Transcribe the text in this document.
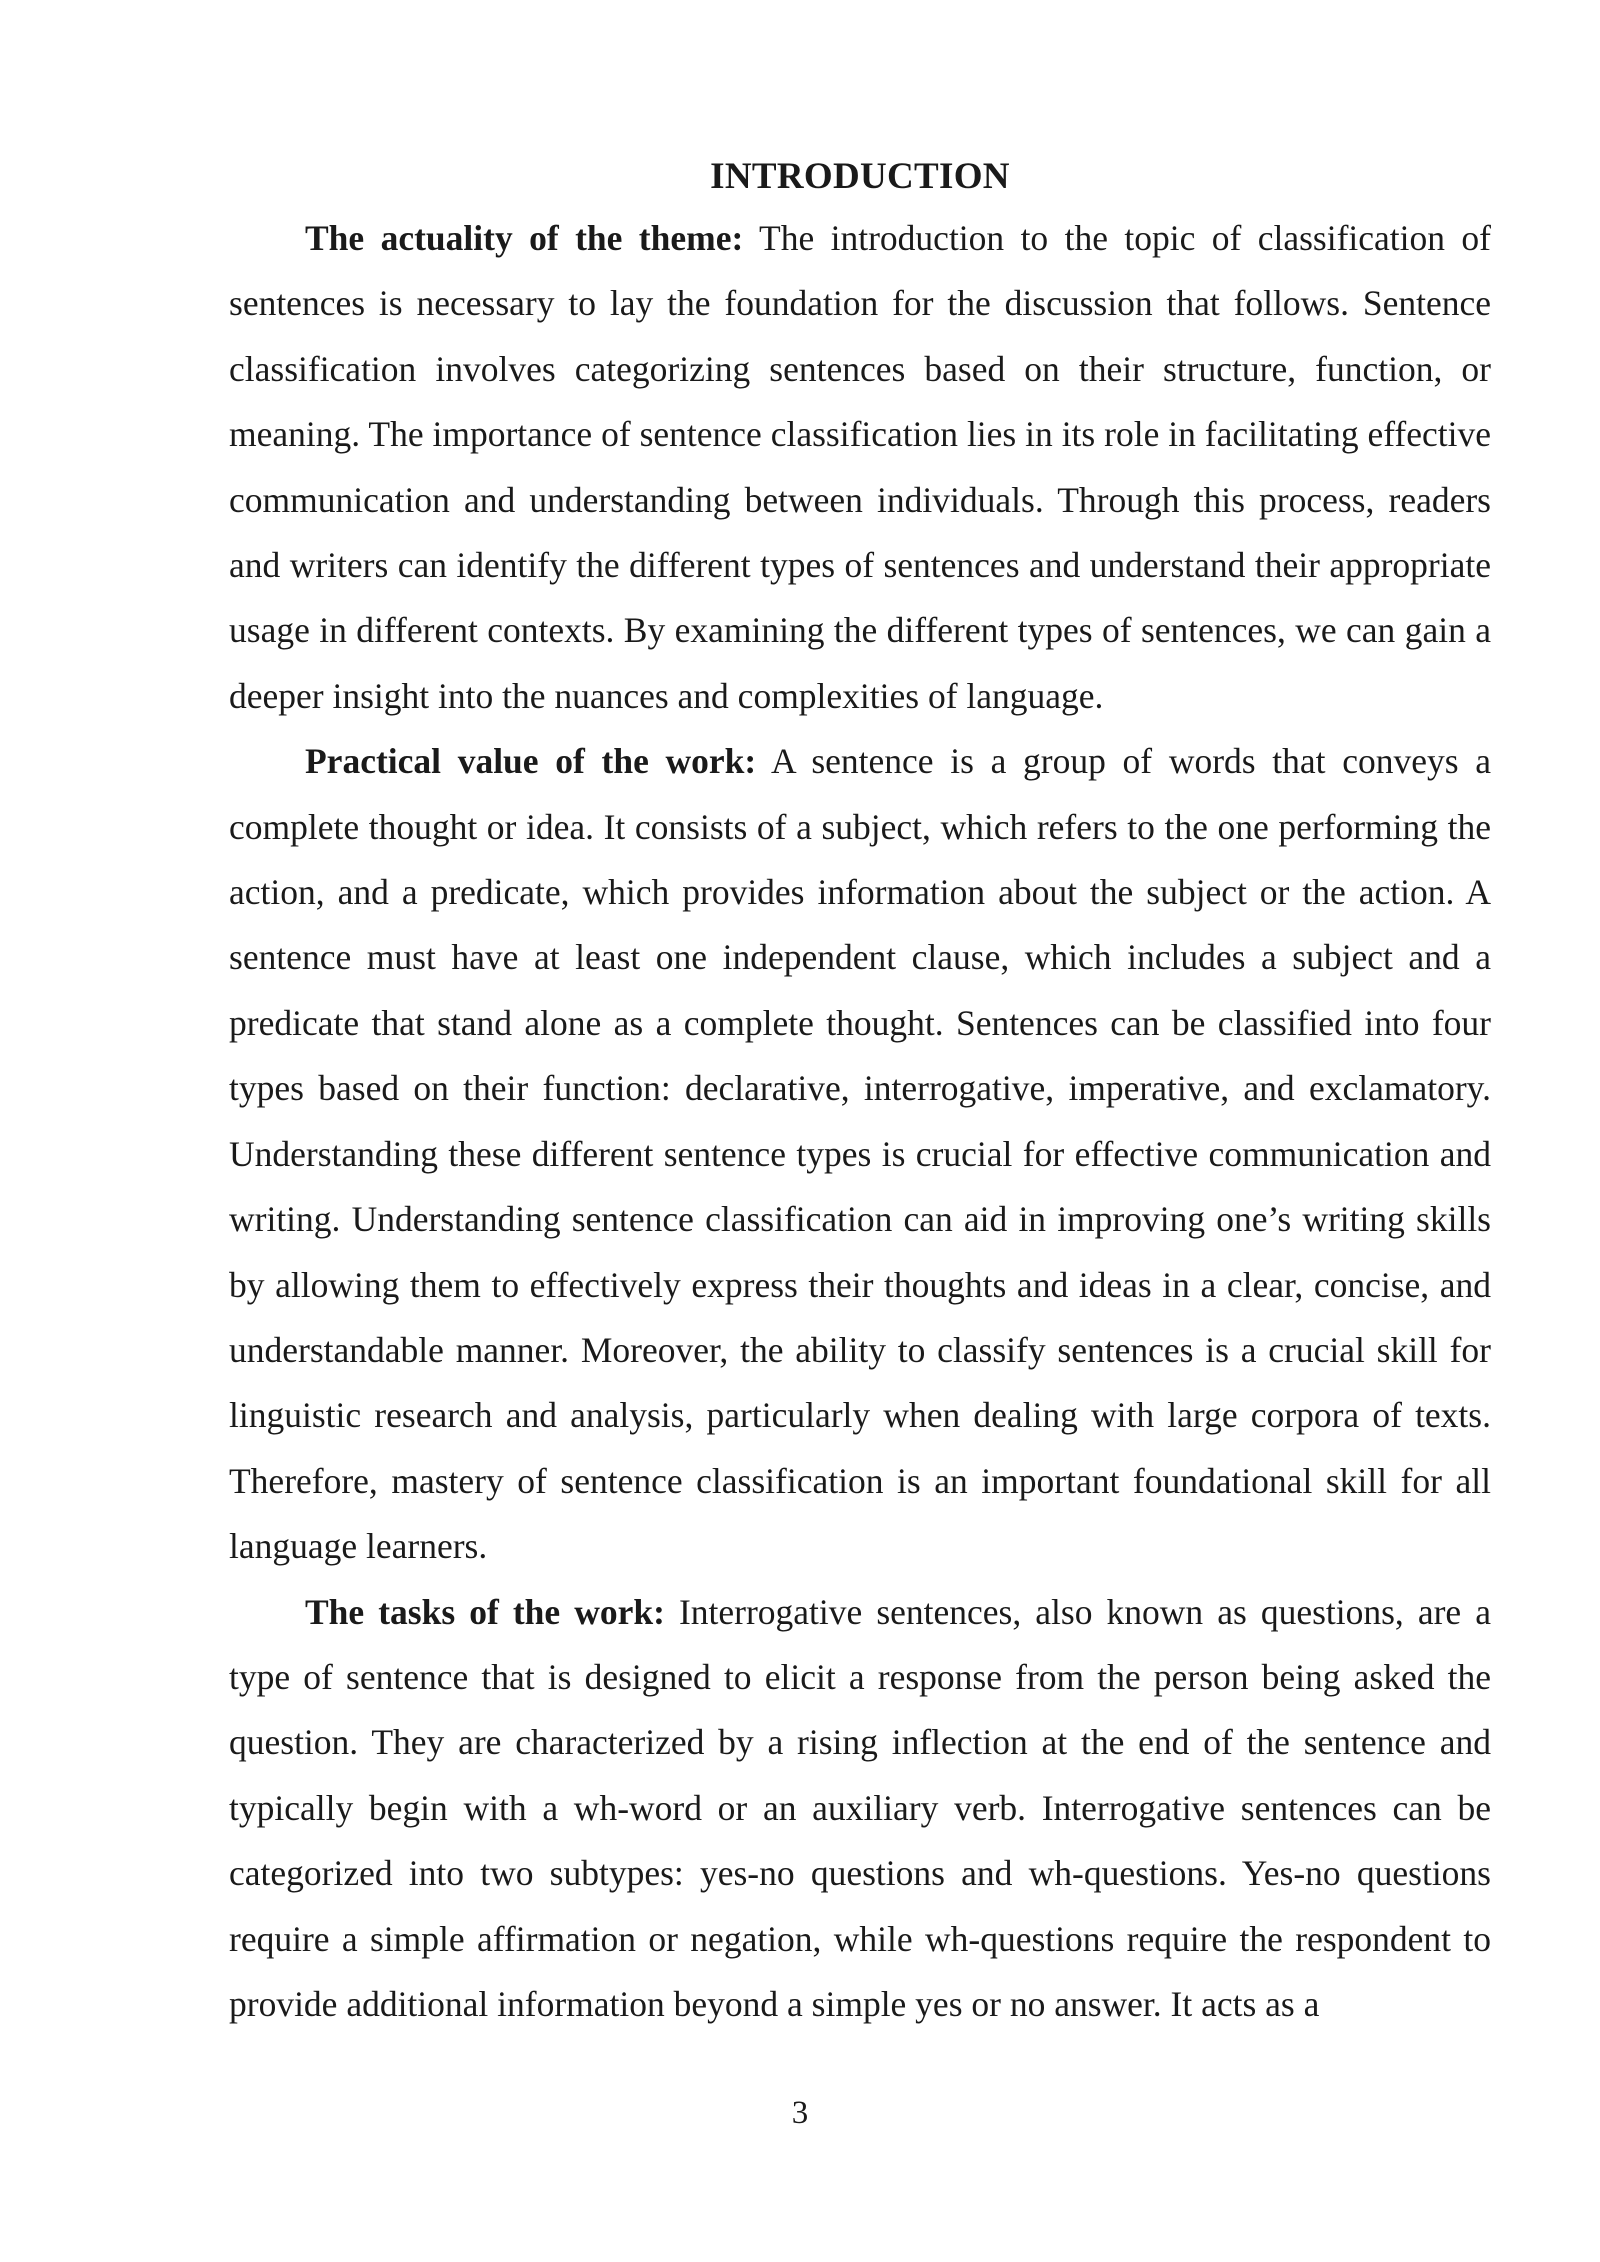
INTRODUCTION

The actuality of the theme: The introduction to the topic of classification of sentences is necessary to lay the foundation for the discussion that follows. Sentence classification involves categorizing sentences based on their structure, function, or meaning. The importance of sentence classification lies in its role in facilitating effective communication and understanding between individuals. Through this process, readers and writers can identify the different types of sentences and understand their appropriate usage in different contexts. By examining the different types of sentences, we can gain a deeper insight into the nuances and complexities of language.

Practical value of the work: A sentence is a group of words that conveys a complete thought or idea. It consists of a subject, which refers to the one performing the action, and a predicate, which provides information about the subject or the action. A sentence must have at least one independent clause, which includes a subject and a predicate that stand alone as a complete thought. Sentences can be classified into four types based on their function: declarative, interrogative, imperative, and exclamatory. Understanding these different sentence types is crucial for effective communication and writing. Understanding sentence classification can aid in improving one’s writing skills by allowing them to effectively express their thoughts and ideas in a clear, concise, and understandable manner. Moreover, the ability to classify sentences is a crucial skill for linguistic research and analysis, particularly when dealing with large corpora of texts. Therefore, mastery of sentence classification is an important foundational skill for all language learners.

The tasks of the work: Interrogative sentences, also known as questions, are a type of sentence that is designed to elicit a response from the person being asked the question. They are characterized by a rising inflection at the end of the sentence and typically begin with a wh-word or an auxiliary verb. Interrogative sentences can be categorized into two subtypes: yes-no questions and wh-questions. Yes-no questions require a simple affirmation or negation, while wh-questions require the respondent to provide additional information beyond a simple yes or no answer. It acts as a

3
